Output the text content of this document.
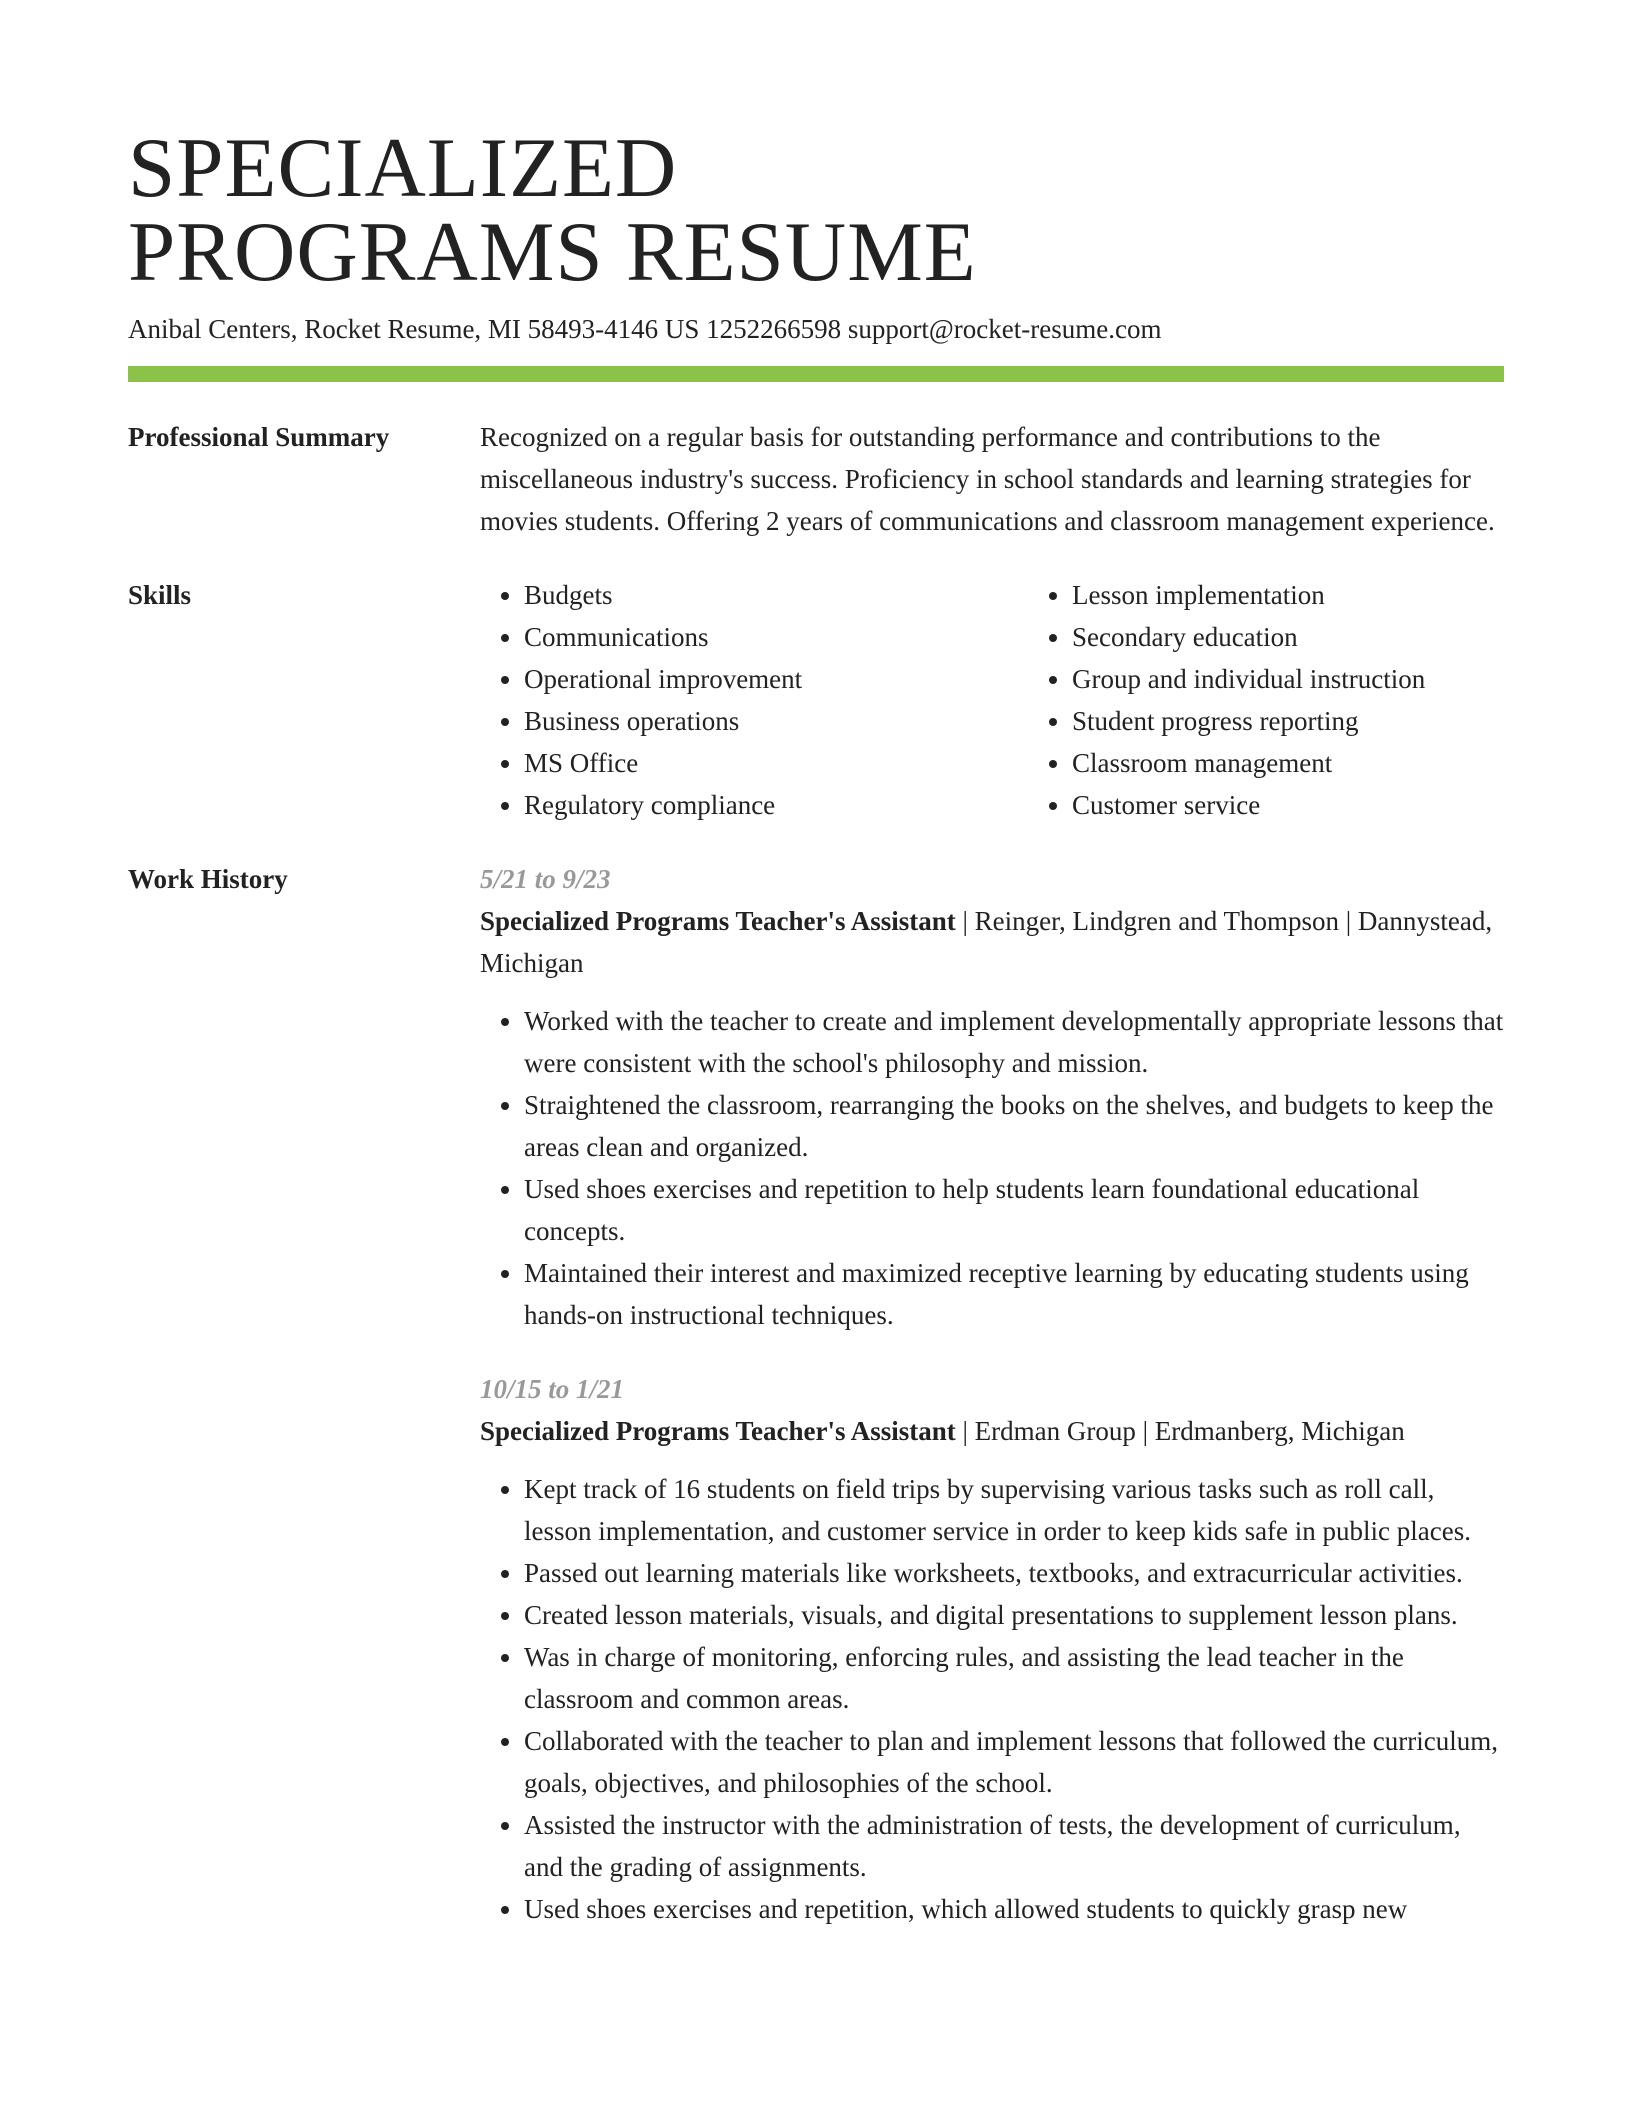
SPECIALIZED
PROGRAMS RESUME
Anibal Centers, Rocket Resume, MI 58493-4146 US 1252266598 support@rocket-resume.com
Professional Summary	Recognized on a regular basis for outstanding performance and contributions to the miscellaneous industry's success. Proficiency in school standards and learning strategies for movies students. Offering 2 years of communications and classroom management experience.
Skills
•	Budgets
• Communications
• Operational improvement
• Business operations
• MS Office
• Regulatory compliance
• Lesson implementation
• Secondary education
• Group and individual instruction
• Student progress reporting
• Classroom management
• Customer service
Work History	5/21 to 9/23
Specialized Programs Teacher's Assistant | Reinger, Lindgren and Thompson | Dannystead, Michigan
• Worked with the teacher to create and implement developmentally appropriate lessons that were consistent with the school's philosophy and mission.
• Straightened the classroom, rearranging the books on the shelves, and budgets to keep the areas clean and organized.
• Used shoes exercises and repetition to help students learn foundational educational concepts.
• Maintained their interest and maximized receptive learning by educating students using hands-on instructional techniques.
10/15 to 1/21
Specialized Programs Teacher's Assistant | Erdman Group | Erdmanberg, Michigan
• Kept track of 16 students on field trips by supervising various tasks such as roll call, lesson implementation, and customer service in order to keep kids safe in public places.
• Passed out learning materials like worksheets, textbooks, and extracurricular activities.
• Created lesson materials, visuals, and digital presentations to supplement lesson plans.
• Was in charge of monitoring, enforcing rules, and assisting the lead teacher in the classroom and common areas.
• Collaborated with the teacher to plan and implement lessons that followed the curriculum, goals, objectives, and philosophies of the school.
• Assisted the instructor with the administration of tests, the development of curriculum, and the grading of assignments.
• Used shoes exercises and repetition, which allowed students to quickly grasp new
